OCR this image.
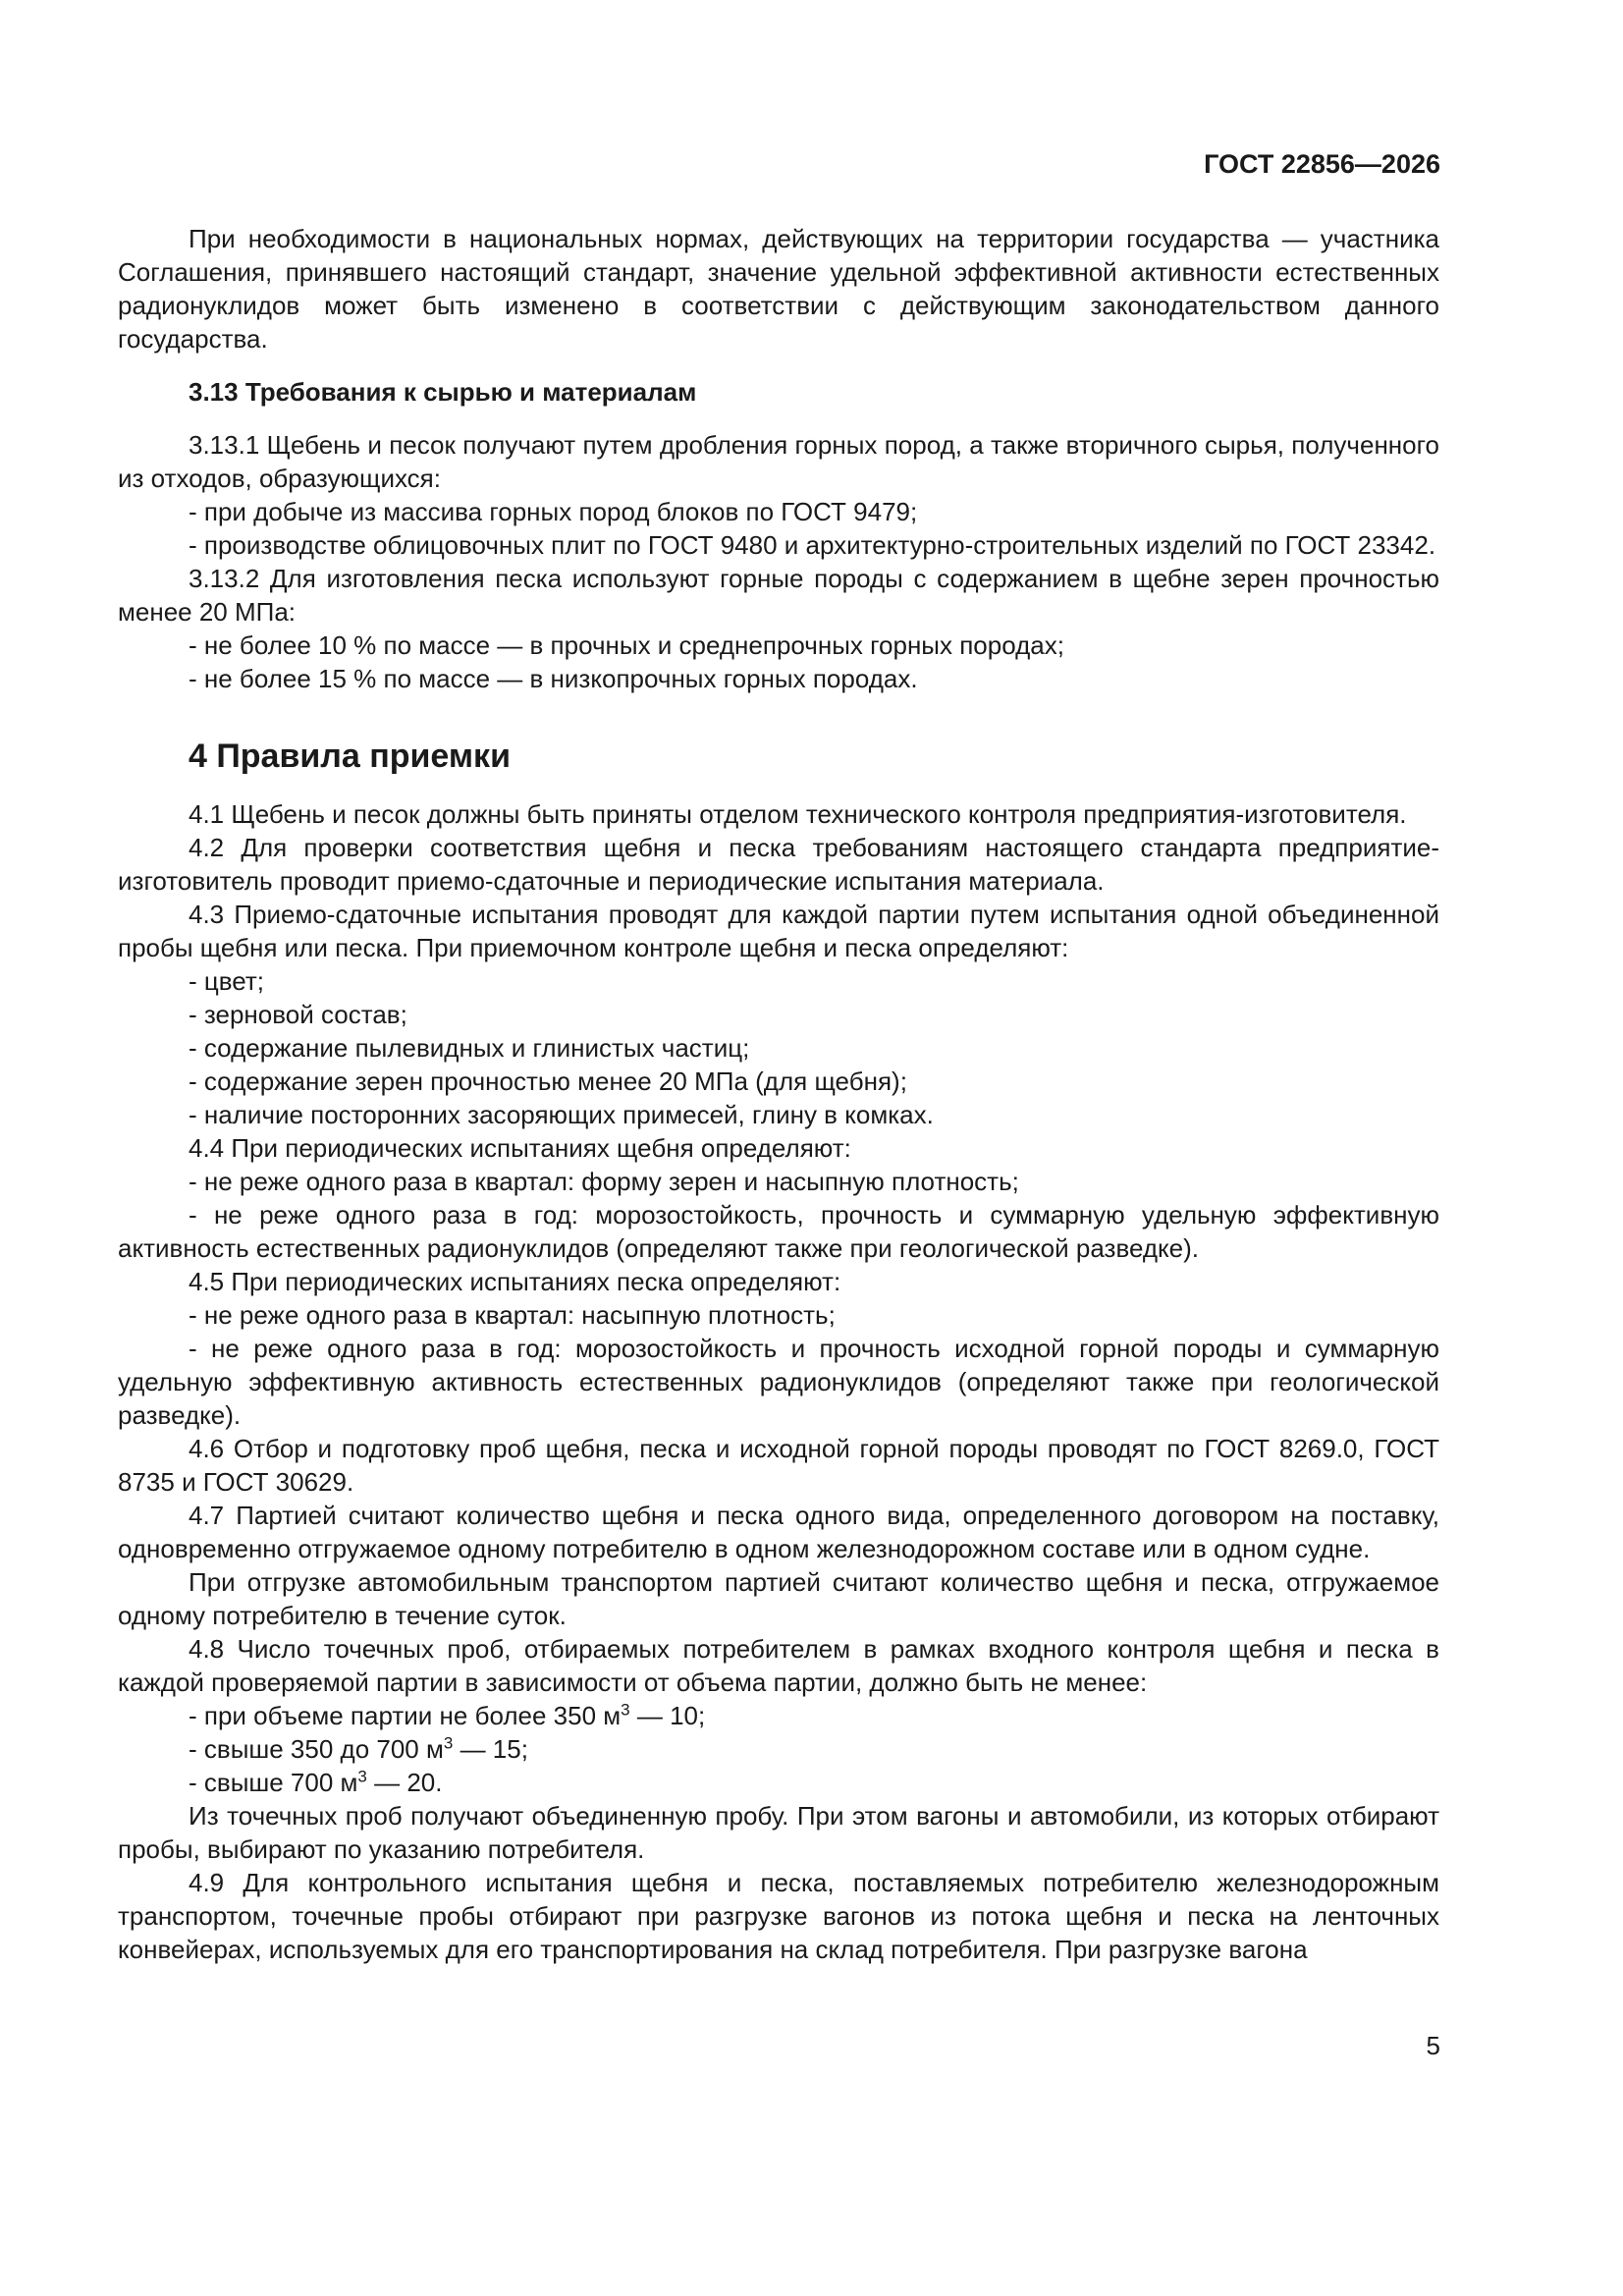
ГОСТ 22856—2026

При необходимости в национальных нормах, действующих на территории государства — участника Соглашения, принявшего настоящий стандарт, значение удельной эффективной активности естественных радионуклидов может быть изменено в соответствии с действующим законодательством данного государства.

3.13 Требования к сырью и материалам

3.13.1 Щебень и песок получают путем дробления горных пород, а также вторичного сырья, полученного из отходов, образующихся:

- при добыче из массива горных пород блоков по ГОСТ 9479;

- производстве облицовочных плит по ГОСТ 9480 и архитектурно-строительных изделий по ГОСТ 23342.

3.13.2 Для изготовления песка используют горные породы с содержанием в щебне зерен прочностью менее 20 МПа:

- не более 10 % по массе — в прочных и среднепрочных горных породах;

- не более 15 % по массе — в низкопрочных горных породах.

4 Правила приемки

4.1 Щебень и песок должны быть приняты отделом технического контроля предприятия-изготовителя.

4.2 Для проверки соответствия щебня и песка требованиям настоящего стандарта предприятие-изготовитель проводит приемо-сдаточные и периодические испытания материала.

4.3 Приемо-сдаточные испытания проводят для каждой партии путем испытания одной объединенной пробы щебня или песка. При приемочном контроле щебня и песка определяют:

- цвет;

- зерновой состав;

- содержание пылевидных и глинистых частиц;

- содержание зерен прочностью менее 20 МПа (для щебня);

- наличие посторонних засоряющих примесей, глину в комках.

4.4 При периодических испытаниях щебня определяют:

- не реже одного раза в квартал: форму зерен и насыпную плотность;

- не реже одного раза в год: морозостойкость, прочность и суммарную удельную эффективную активность естественных радионуклидов (определяют также при геологической разведке).

4.5 При периодических испытаниях песка определяют:

- не реже одного раза в квартал: насыпную плотность;

- не реже одного раза в год: морозостойкость и прочность исходной горной породы и суммарную удельную эффективную активность естественных радионуклидов (определяют также при геологической разведке).

4.6 Отбор и подготовку проб щебня, песка и исходной горной породы проводят по ГОСТ 8269.0, ГОСТ 8735 и ГОСТ 30629.

4.7 Партией считают количество щебня и песка одного вида, определенного договором на поставку, одновременно отгружаемое одному потребителю в одном железнодорожном составе или в одном судне.

При отгрузке автомобильным транспортом партией считают количество щебня и песка, отгружаемое одному потребителю в течение суток.

4.8 Число точечных проб, отбираемых потребителем в рамках входного контроля щебня и песка в каждой проверяемой партии в зависимости от объема партии, должно быть не менее:

- при объеме партии не более 350 $м^3$ — 10;

- свыше 350 до 700 $м^3$ — 15;

- свыше 700 $м^3$ — 20.

Из точечных проб получают объединенную пробу. При этом вагоны и автомобили, из которых отбирают пробы, выбирают по указанию потребителя.

4.9 Для контрольного испытания щебня и песка, поставляемых потребителю железнодорожным транспортом, точечные пробы отбирают при разгрузке вагонов из потока щебня и песка на ленточных конвейерах, используемых для его транспортирования на склад потребителя. При разгрузке вагона

5
